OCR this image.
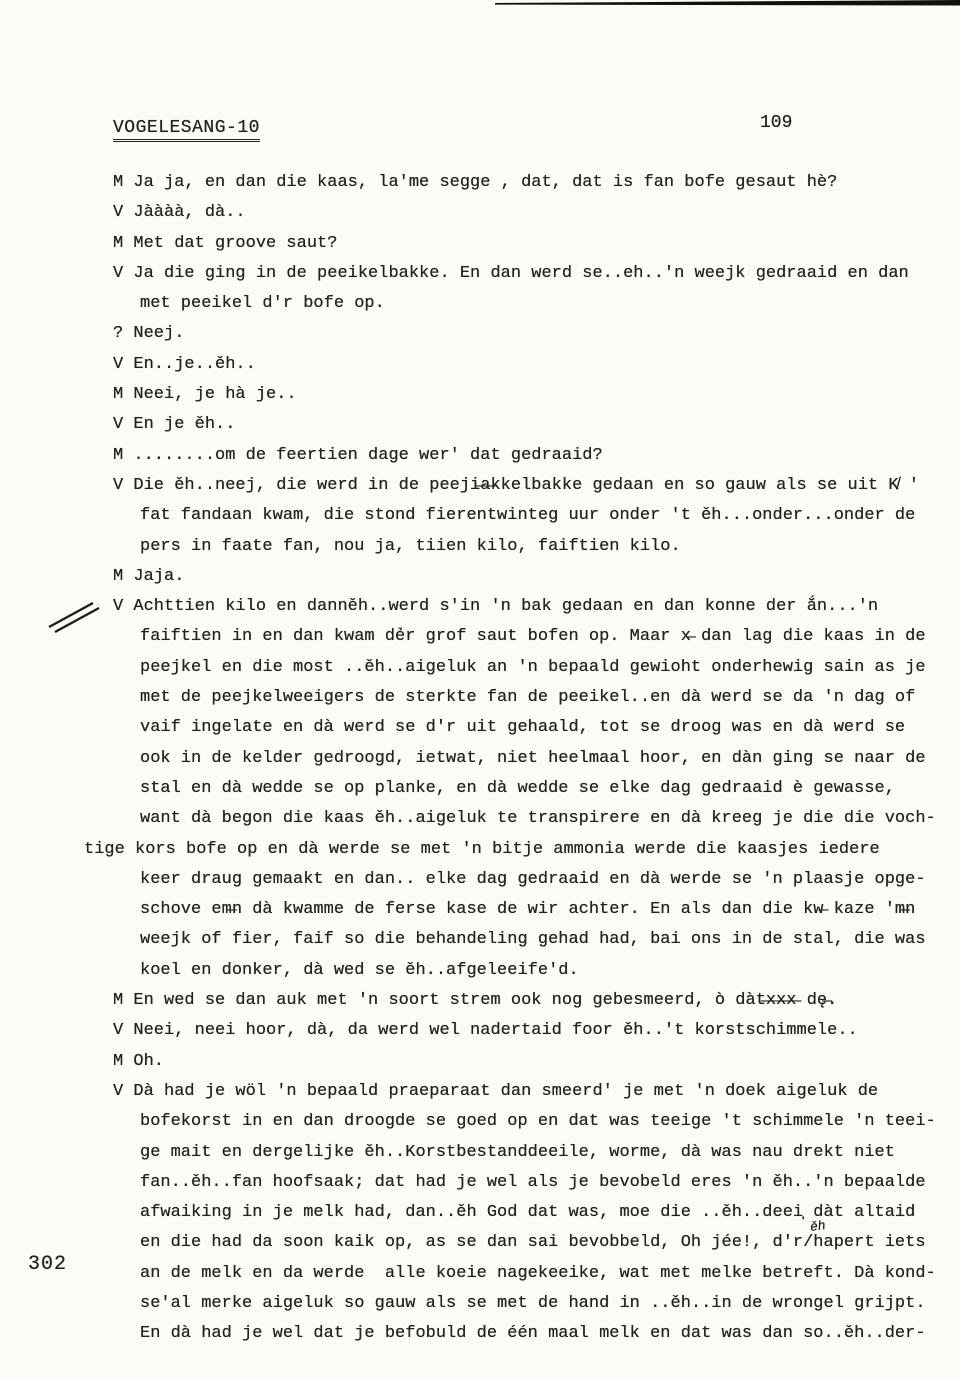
VOGELESANG-10	109
302
ěh
M Ja ja, en dan die kaas, la'me segge , dat, dat is fan bofe gesaut hè?
V Jàààà, dà..
M Met dat groove saut?
V Ja die ging in de peeikelbakke. En dan werd se..eh..'n weejk gedraaid en dan
met peeikel d'r bofe op.
? Neej.
V En..je..ěh..
M Neei, je hà je..
V En je ěh..
M ........om de feertien dage wer' dat gedraaid?
V Die ěh..neej, die werd in de peeji̶a̶kkelbakke gedaan en so gauw als se uit K̸ '
fat fandaan kwam, die stond fierentwinteg uur onder 't ěh...onder...onder de
pers in faate fan, nou ja, tiien kilo, faiftien kilo.
M Jaja.
V Achttien kilo en danněh..werd s'in 'n bak gedaan en dan konne der ắn...'n
faiftien in en dan kwam dẻr grof saut bofen op. Maar x̶ dan lag die kaas in de
peejkel en die most ..ěh..aigeluk an 'n bepaald gewioht onderhewig sain as je
met de peejkelweeigers de sterkte fan de peeikel..en dà werd se da 'n dag of
vaif ingelate en dà werd se d'r uit gehaald, tot se droog was en dà werd se
ook in de kelder gedroogd, ietwat, niet heelmaal hoor, en dàn ging se naar de
stal en dà wedde se op planke, en dà wedde se elke dag gedraaid è gewasse,
want dà begon die kaas ěh..aigeluk te transpirere en dà kreeg je die die voch-
tige kors bofe op en dà werde se met 'n bitje ammonia werde die kaasjes iedere
keer draug gemaakt en dan.. elke dag gedraaid en dà werde se 'n plaasje opge-
schove em̶n dà kwamme de ferse kase de wir achter. En als dan die kw̶ kaze 'm̶n
weejk of fier, faif so die behandeling gehad had, bai ons in de stal, die was
koel en donker, dà wed se ěh..afgeleeife'd.
M En wed se dan auk met 'n soort strem ook nog gebesmeerd, ò dàt̶x̶x̶x̶ dę̶.
V Neei, neei hoor, dà, da werd wel nadertaid foor ěh..'t korstschimmele..
M Oh.
V Dà had je wöl 'n bepaald praeparaat dan smeerd' je met 'n doek aigeluk de
bofekorst in en dan droogde se goed op en dat was teeige 't schimmele 'n teei-
ge mait en dergelijke ěh..Korstbestanddeeile, worme, dà was nau drekt niet
fan..ěh..fan hoofsaak; dat had je wel als je bevobeld eres 'n ěh..'n bepaalde
afwaiking in je melk had, dan..ěh God dat was, moe die ..ěh..deei̦ dàt altaid
en die had da soon kaik op, as se dan sai bevobbeld, Oh jée!, d'r/hapert iets
an de melk en da werde  alle koeie nagekeeike, wat met melke betreft. Dà kond-
se'al merke aigeluk so gauw als se met de hand in ..ěh..in de wrongel grijpt.
En dà had je wel dat je befobuld de één maal melk en dat was dan so..ěh..der-
